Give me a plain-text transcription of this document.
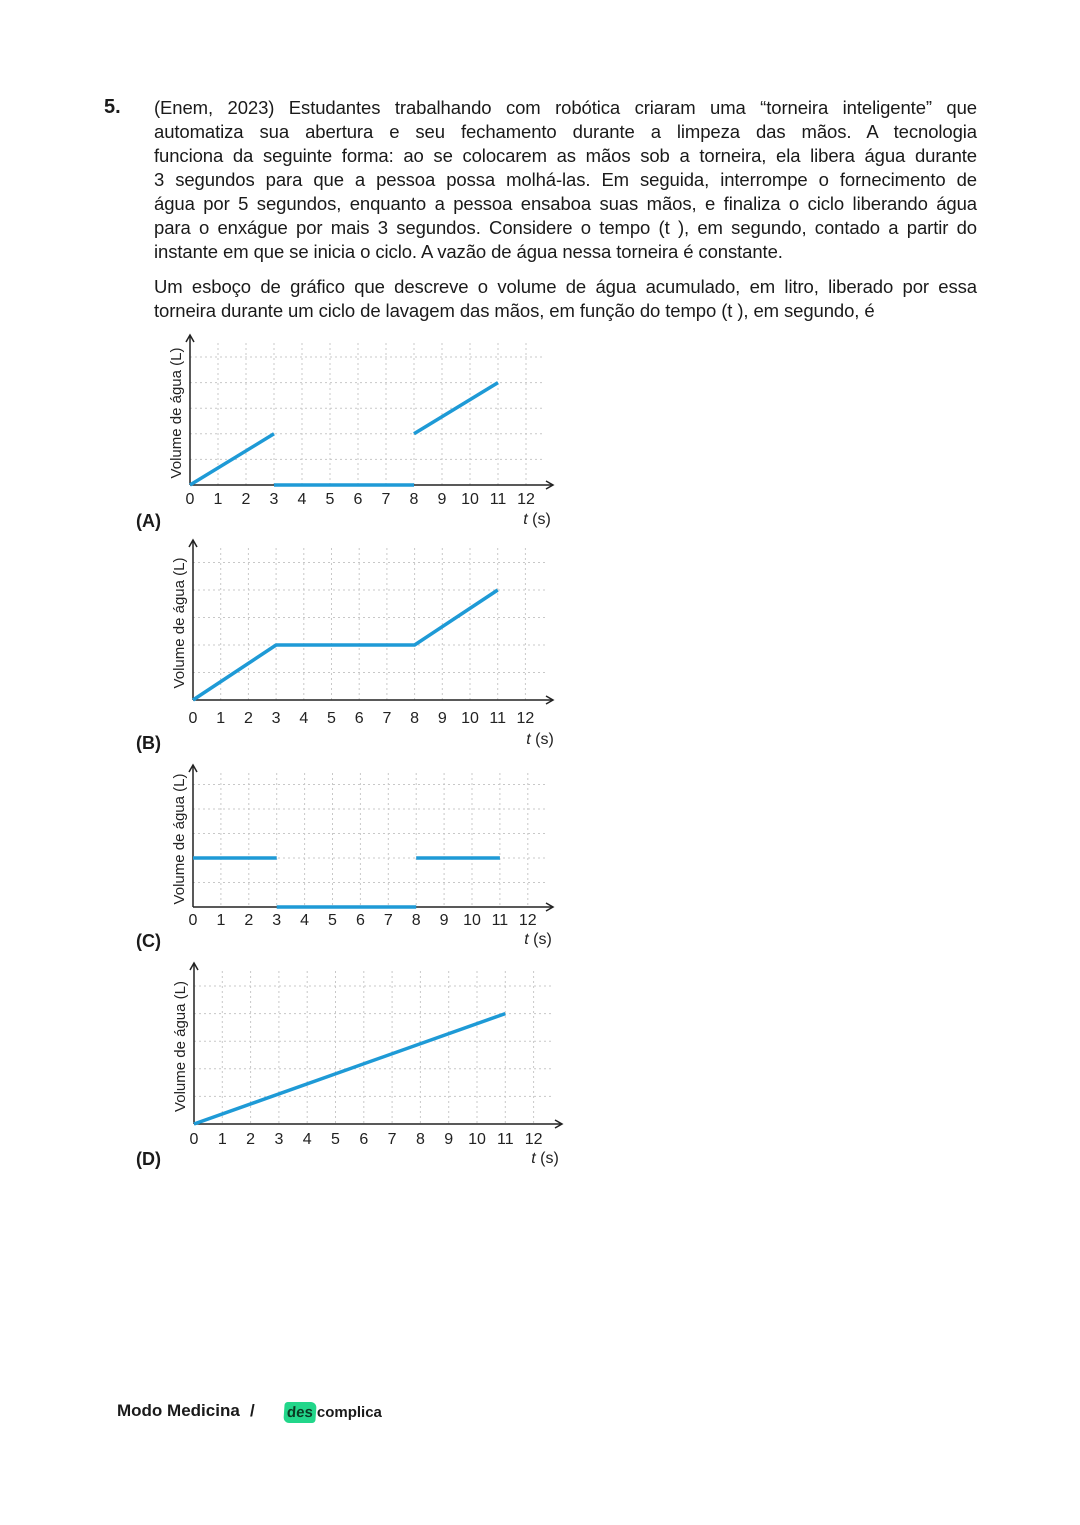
5. (Enem, 2023) Estudantes trabalhando com robótica criaram uma “torneira inteligente” que
automatiza sua abertura e seu fechamento durante a limpeza das mãos. A tecnologia
funciona da seguinte forma: ao se colocarem as mãos sob a torneira, ela libera água durante
3 segundos para que a pessoa possa molhá-las. Em seguida, interrompe o fornecimento de
água por 5 segundos, enquanto a pessoa ensaboa suas mãos, e finaliza o ciclo liberando água
para o enxágue por mais 3 segundos. Considere o tempo (t ), em segundo, contado a partir do
instante em que se inicia o ciclo. A vazão de água nessa torneira é constante.
Um esboço de gráfico que descreve o volume de água acumulado, em litro, liberado por essa
torneira durante um ciclo de lavagem das mãos, em função do tempo (t ), em segundo, é
0 1 2 3 4 5 6 7 8 9 10 11 12
t (s)
Volume de água (L)
0 1 2 3 4 5 6 7 8 9 10 11 12
t (s)
Volume de água (L)
0 1 2 3 4 5 6 7 8 9 10 11 12
t (s)
Volume de água (L)
0 1 2 3 4 5 6 7 8 9 10 11 12
t (s)
Volume de água (L)
(A)
(B)
(C)
(D)
Modo Medicina / des complica
